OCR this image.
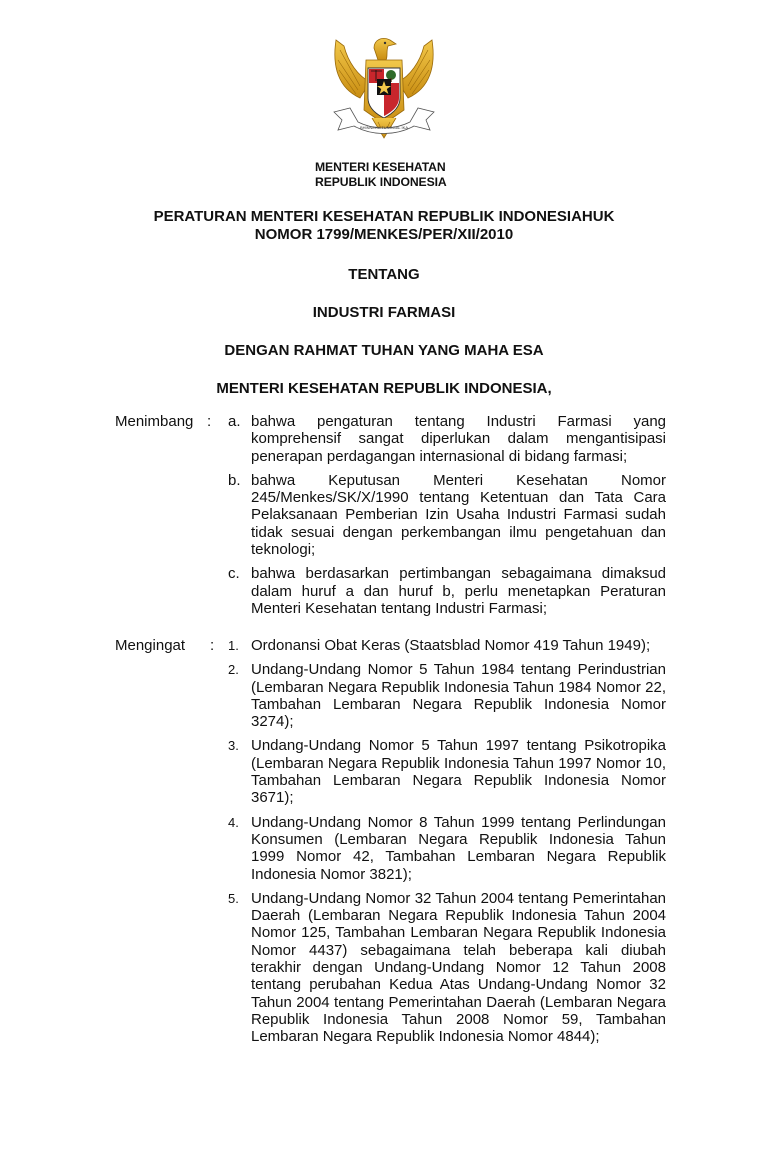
BHINNEKA TUNGGAL IKA
MENTERI KESEHATAN
REPUBLIK INDONESIA
PERATURAN MENTERI KESEHATAN REPUBLIK INDONESIAHUK
NOMOR 1799/MENKES/PER/XII/2010
TENTANG
INDUSTRI FARMASI
DENGAN RAHMAT TUHAN YANG MAHA ESA
MENTERI KESEHATAN REPUBLIK INDONESIA,
Menimbang : a. bahwa pengaturan tentang Industri Farmasi yang komprehensif sangat diperlukan dalam mengantisipasi penerapan perdagangan internasional di bidang farmasi;
b. bahwa Keputusan Menteri Kesehatan Nomor 245/Menkes/SK/X/1990 tentang Ketentuan dan Tata Cara Pelaksanaan Pemberian Izin Usaha Industri Farmasi sudah tidak sesuai dengan perkembangan ilmu pengetahuan dan teknologi;
c. bahwa berdasarkan pertimbangan sebagaimana dimaksud dalam huruf a dan huruf b, perlu menetapkan Peraturan Menteri Kesehatan tentang Industri Farmasi;
Mengingat : 1. Ordonansi Obat Keras (Staatsblad Nomor 419 Tahun 1949);
2. Undang-Undang Nomor 5 Tahun 1984 tentang Perindustrian (Lembaran Negara Republik Indonesia Tahun 1984 Nomor 22, Tambahan Lembaran Negara Republik Indonesia Nomor 3274);
3. Undang-Undang Nomor 5 Tahun 1997 tentang Psikotropika (Lembaran Negara Republik Indonesia Tahun 1997 Nomor 10, Tambahan Lembaran Negara Republik Indonesia Nomor 3671);
4. Undang-Undang Nomor 8 Tahun 1999 tentang Perlindungan Konsumen (Lembaran Negara Republik Indonesia Tahun 1999 Nomor 42, Tambahan Lembaran Negara Republik Indonesia Nomor 3821);
5. Undang-Undang Nomor 32 Tahun 2004 tentang Pemerintahan Daerah (Lembaran Negara Republik Indonesia Tahun 2004 Nomor 125, Tambahan Lembaran Negara Republik Indonesia Nomor 4437) sebagaimana telah beberapa kali diubah terakhir dengan Undang-Undang Nomor 12 Tahun 2008 tentang perubahan Kedua Atas Undang-Undang Nomor 32 Tahun 2004 tentang Pemerintahan Daerah (Lembaran Negara Republik Indonesia Tahun 2008 Nomor 59, Tambahan Lembaran Negara Republik Indonesia Nomor 4844);
